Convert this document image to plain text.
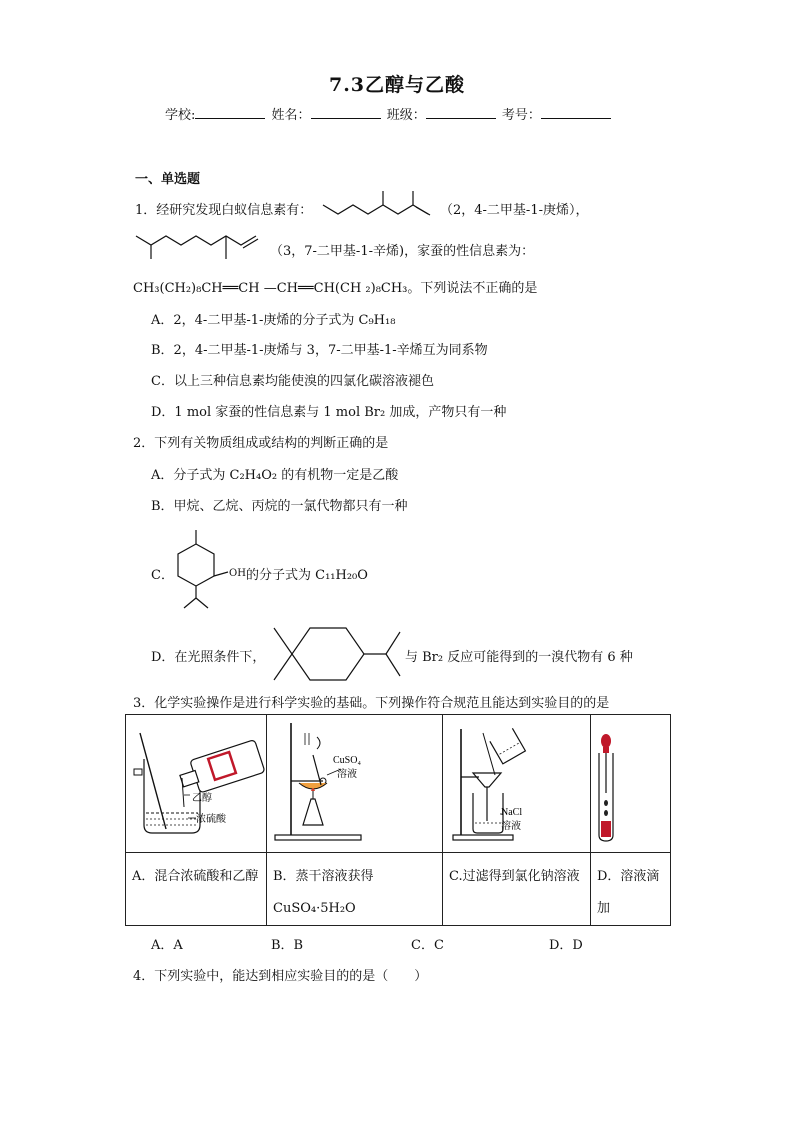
7.3乙醇与乙酸
学校:	姓名：	班级：	考号：
一、单选题
1．经研究发现白蚁信息素有：	（2，4-二甲基-1-庚烯），
（3，7-二甲基-1-辛烯)，家蚕的性信息素为：
CH₃(CH₂)₈CH══CH —CH══CH(CH ₂)₈CH₃。下列说法不正确的是
A．2，4-二甲基-1-庚烯的分子式为 C₉H₁₈
B．2，4-二甲基-1-庚烯与 3，7-二甲基-1-辛烯互为同系物
C．以上三种信息素均能使溴的四氯化碳溶液褪色
D．1 mol 家蚕的性信息素与 1 mol Br₂ 加成，产物只有一种
2．下列有关物质组成或结构的判断正确的是
A．分子式为 C₂H₄O₂ 的有机物一定是乙酸
B．甲烷、乙烷、丙烷的一氯代物都只有一种
C．	OH 的分子式为 C₁₁H₂₀O
D．在光照条件下，	与 Br₂ 反应可能得到的一溴代物有 6 种
3．化学实验操作是进行科学实验的基础。下列操作符合规范且能达到实验目的的是
乙醇
浓硫酸	CuSO₄
溶液	NaCl
溶液

A．混合浓硫酸和乙醇	B．蒸干溶液获得 CuSO₄·5H₂O	C.过滤得到氯化钠溶液	D．溶液滴加
A．A	B．B	C．C	D．D
4．下列实验中，能达到相应实验目的的是（　　）
